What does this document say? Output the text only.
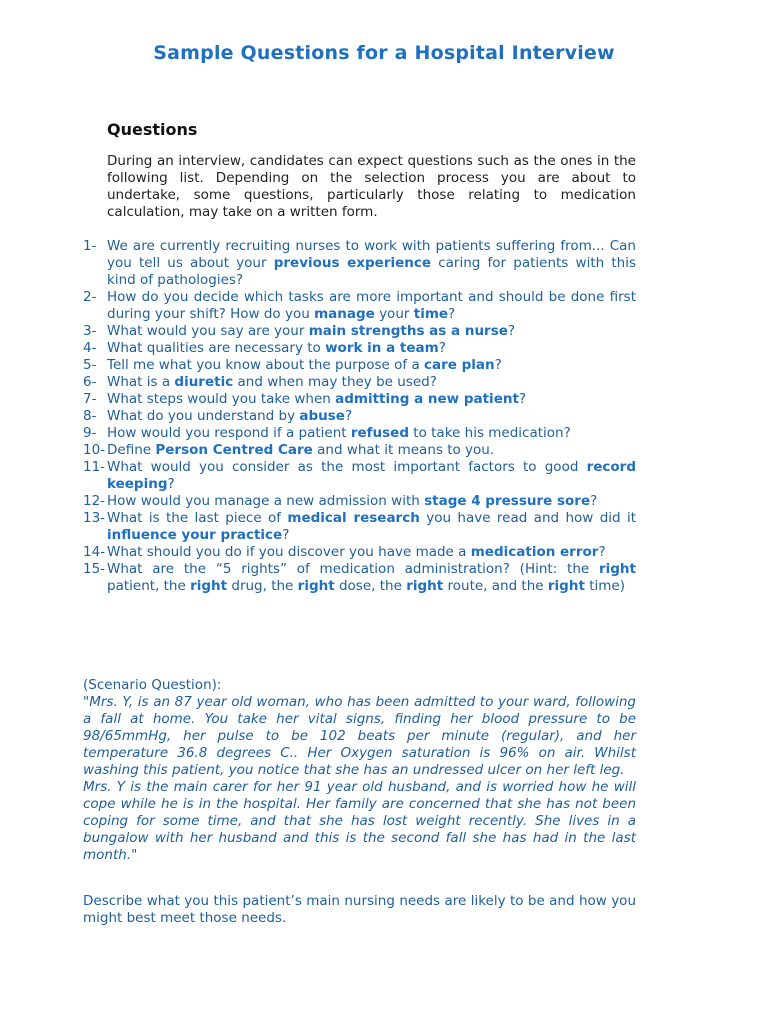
Sample Questions for a Hospital Interview
Questions
During an interview, candidates can expect questions such as the ones in the following list. Depending on the selection process you are about to undertake, some questions, particularly those relating to medication calculation, may take on a written form.
1- We are currently recruiting nurses to work with patients suffering from... Can you tell us about your previous experience caring for patients with this kind of pathologies?
2- How do you decide which tasks are more important and should be done first during your shift? How do you manage your time?
3- What would you say are your main strengths as a nurse?
4- What qualities are necessary to work in a team?
5- Tell me what you know about the purpose of a care plan?
6- What is a diuretic and when may they be used?
7- What steps would you take when admitting a new patient?
8- What do you understand by abuse?
9- How would you respond if a patient refused to take his medication?
10- Define Person Centred Care and what it means to you.
11- What would you consider as the most important factors to good record keeping?
12- How would you manage a new admission with stage 4 pressure sore?
13- What is the last piece of medical research you have read and how did it influence your practice?
14- What should you do if you discover you have made a medication error?
15- What are the “5 rights” of medication administration? (Hint: the right patient, the right drug, the right dose, the right route, and the right time)
(Scenario Question):
"Mrs. Y, is an 87 year old woman, who has been admitted to your ward, following a fall at home. You take her vital signs, finding her blood pressure to be 98/65mmHg, her pulse to be 102 beats per minute (regular), and her temperature 36.8 degrees C.. Her Oxygen saturation is 96% on air. Whilst washing this patient, you notice that she has an undressed ulcer on her left leg.
Mrs. Y is the main carer for her 91 year old husband, and is worried how he will cope while he is in the hospital. Her family are concerned that she has not been coping for some time, and that she has lost weight recently. She lives in a bungalow with her husband and this is the second fall she has had in the last month."
Describe what you this patient’s main nursing needs are likely to be and how you might best meet those needs.
